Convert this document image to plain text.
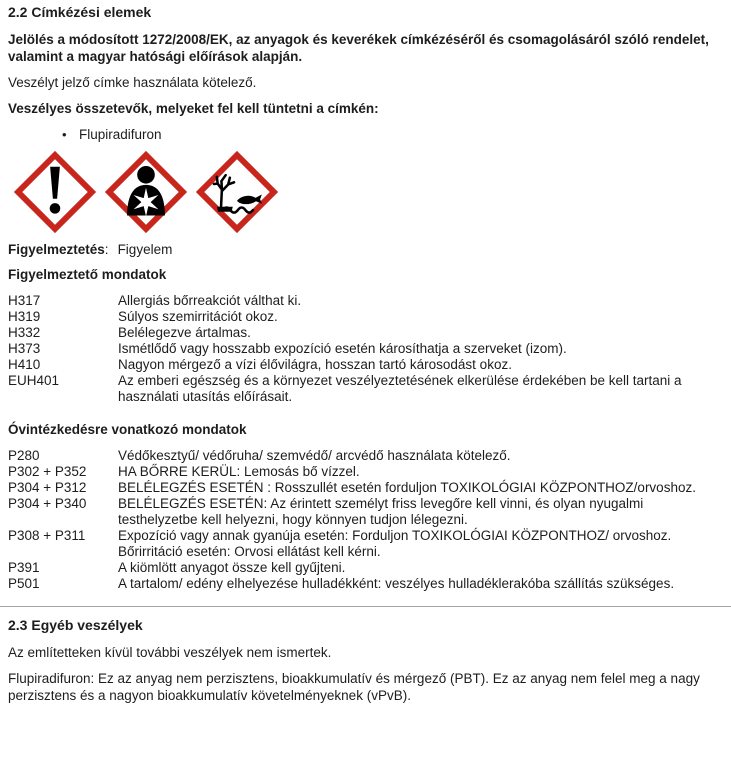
2.2 Címkézési elemek

Jelölés a módosított 1272/2008/EK, az anyagok és keverékek címkézéséről és csomagolásáról szóló rendelet, valamint a magyar hatósági előírások alapján.

Veszélyt jelző címke használata kötelező.

Veszélyes összetevők, melyeket fel kell tüntetni a címkén:

• Flupiradifuron

Figyelmeztetés: Figyelem

Figyelmeztető mondatok
H317	Allergiás bőrreakciót válthat ki.
H319	Súlyos szemirritációt okoz.
H332	Belélegezve ártalmas.
H373	Ismétlődő vagy hosszabb expozíció esetén károsíthatja a szerveket (izom).
H410	Nagyon mérgező a vízi élővilágra, hosszan tartó károsodást okoz.
EUH401	Az emberi egészség és a környezet veszélyeztetésének elkerülése érdekében be kell tartani a használati utasítás előírásait.
Óvintézkedésre vonatkozó mondatok
P280	Védőkesztyű/ védőruha/ szemvédő/ arcvédő használata kötelező.
P302 + P352	HA BŐRRE KERÜL: Lemosás bő vízzel.
P304 + P312	BELÉLEGZÉS ESETÉN : Rosszullét esetén forduljon TOXIKOLÓGIAI KÖZPONTHOZ/orvoshoz.
P304 + P340	BELÉLEGZÉS ESETÉN: Az érintett személyt friss levegőre kell vinni, és olyan nyugalmi testhelyzetbe kell helyezni, hogy könnyen tudjon lélegezni.
P308 + P311	Expozíció vagy annak gyanúja esetén: Forduljon TOXIKOLÓGIAI KÖZPONTHOZ/ orvoshoz.
Bőrirritáció esetén: Orvosi ellátást kell kérni.
P391	A kiömlött anyagot össze kell gyűjteni.
P501	A tartalom/ edény elhelyezése hulladékként: veszélyes hulladéklerakóba szállítás szükséges.
2.3 Egyéb veszélyek

Az említetteken kívül további veszélyek nem ismertek.

Flupiradifuron: Ez az anyag nem perzisztens, bioakkumulatív és mérgező (PBT). Ez az anyag nem felel meg a nagy perzisztens és a nagyon bioakkumulatív követelményeknek (vPvB).
